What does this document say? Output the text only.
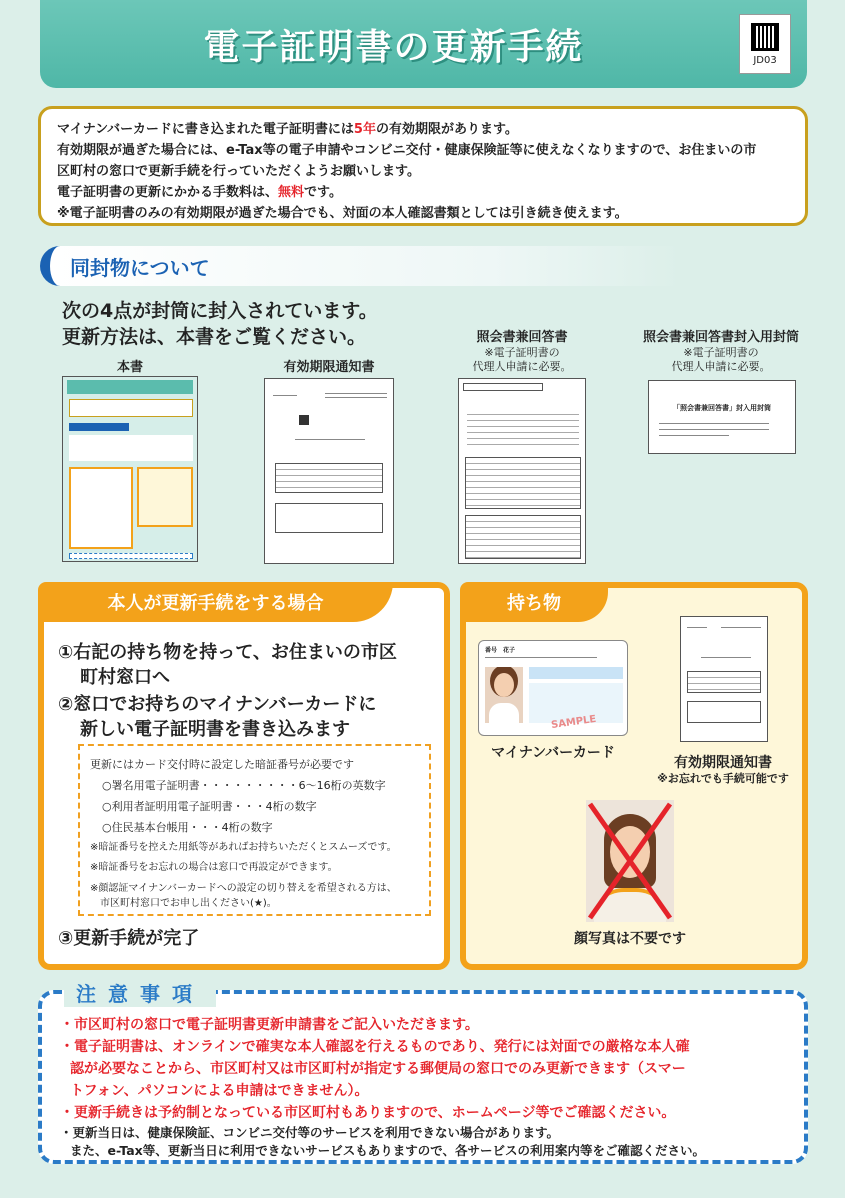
電子証明書の更新手続	JD03
マイナンバーカードに書き込まれた電子証明書には5年の有効期限があります。
有効期限が過ぎた場合には、e-Tax等の電子申請やコンビニ交付・健康保険証等に使えなくなりますので、お住まいの市
区町村の窓口で更新手続を行っていただくようお願いします。
電子証明書の更新にかかる手数料は、無料です。
※電子証明書のみの有効期限が過ぎた場合でも、対面の本人確認書類としては引き続き使えます。
同封物について
次の4点が封筒に封入されています。
更新方法は、本書をご覧ください。
本書	有効期限通知書
照会書兼回答書
※電子証明書の
代理人申請に必要。
照会書兼回答書封入用封筒
※電子証明書の
代理人申請に必要。
「照会書兼回答書」封入用封筒
本人が更新手続をする場合
①右記の持ち物を持って、お住まいの市区
町村窓口へ
②窓口でお持ちのマイナンバーカードに
新しい電子証明書を書き込みます
更新にはカード交付時に設定した暗証番号が必要です
○署名用電子証明書・・・・・・・・・6～16桁の英数字
○利用者証明用電子証明書・・・4桁の数字
○住民基本台帳用・・・4桁の数字
※暗証番号を控えた用紙等があればお持ちいただくとスムーズです。
※暗証番号をお忘れの場合は窓口で再設定ができます。
※顔認証マイナンバーカードへの設定の切り替えを希望される方は、
市区町村窓口でお申し出ください(★)。
③更新手続が完了
持ち物
番号　花子
SAMPLE
マイナンバーカード
有効期限通知書
※お忘れでも手続可能です
顔写真は不要です
・市区町村の窓口で電子証明書更新申請書をご記入いただきます。
・電子証明書は、オンラインで確実な本人確認を行えるものであり、発行には対面での厳格な本人確
認が必要なことから、市区町村又は市区町村が指定する郵便局の窓口でのみ更新できます（スマー
トフォン、パソコンによる申請はできません）。
・更新手続きは予約制となっている市区町村もありますので、ホームページ等でご確認ください。
・更新当日は、健康保険証、コンビニ交付等のサービスを利用できない場合があります。
また、e-Tax等、更新当日に利用できないサービスもありますので、各サービスの利用案内等をご確認ください。
注意事項
